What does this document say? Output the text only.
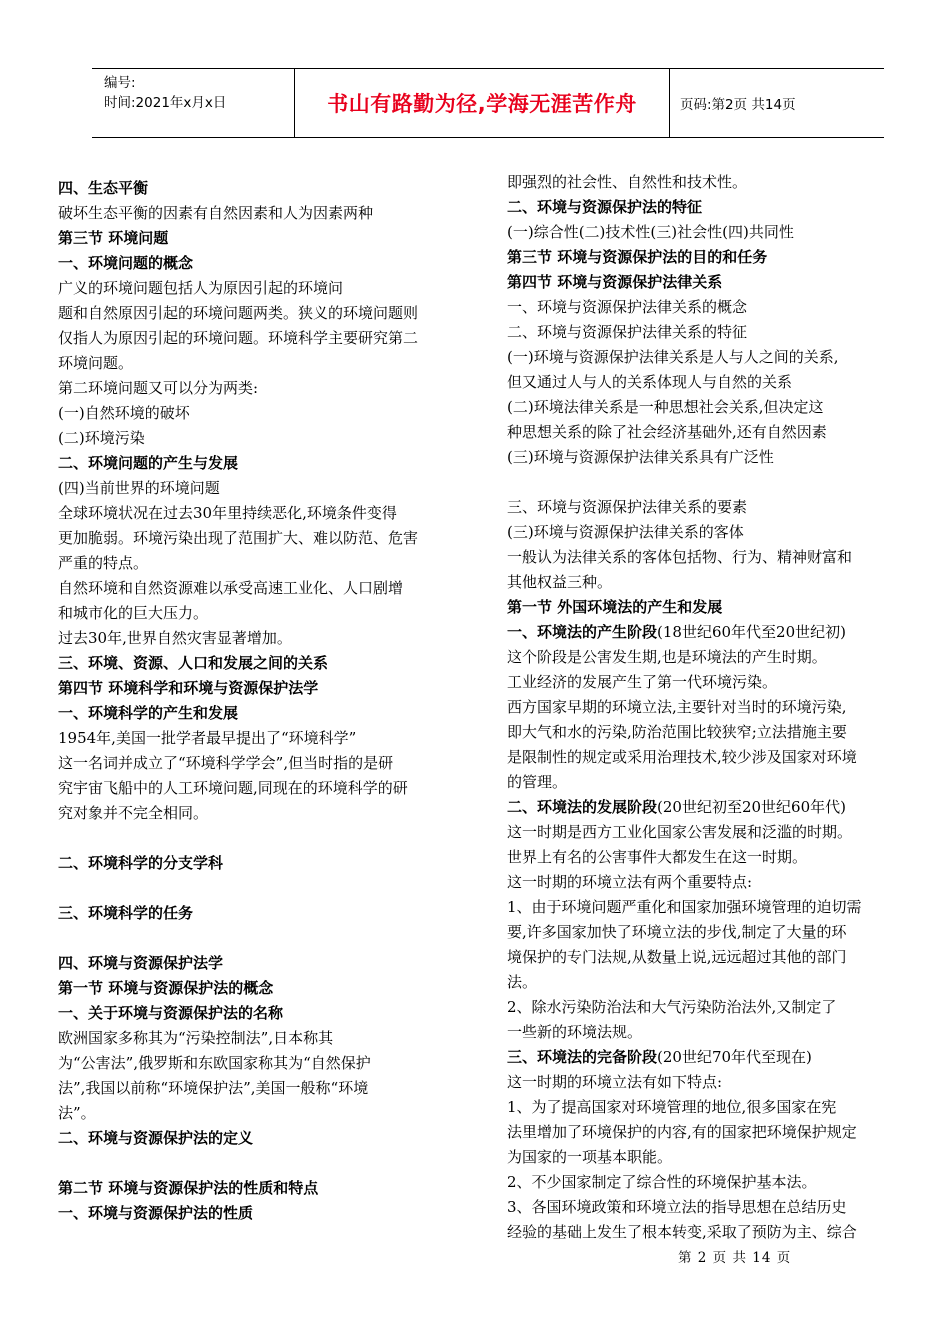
编号:
时间:2021年x月x日	书山有路勤为径,学海无涯苦作舟	页码:第2页 共14页
四、生态平衡
破坏生态平衡的因素有自然因素和人为因素两种
第三节 环境问题
一、环境问题的概念
广义的环境问题包括人为原因引起的环境问
题和自然原因引起的环境问题两类。狭义的环境问题则
仅指人为原因引起的环境问题。环境科学主要研究第二
环境问题。
第二环境问题又可以分为两类:
(一)自然环境的破坏
(二)环境污染
二、环境问题的产生与发展
(四)当前世界的环境问题
全球环境状况在过去30年里持续恶化,环境条件变得
更加脆弱。环境污染出现了范围扩大、难以防范、危害
严重的特点。
自然环境和自然资源难以承受高速工业化、人口剧增
和城市化的巨大压力。
过去30年,世界自然灾害显著增加。
三、环境、资源、人口和发展之间的关系
第四节 环境科学和环境与资源保护法学
一、环境科学的产生和发展
1954年,美国一批学者最早提出了“环境科学”
这一名词并成立了“环境科学学会”,但当时指的是研
究宇宙飞船中的人工环境问题,同现在的环境科学的研
究对象并不完全相同。
二、环境科学的分支学科
三、环境科学的任务
四、环境与资源保护法学
第一节 环境与资源保护法的概念
一、关于环境与资源保护法的名称
欧洲国家多称其为“污染控制法”,日本称其
为“公害法”,俄罗斯和东欧国家称其为“自然保护
法”,我国以前称“环境保护法”,美国一般称“环境
法”。
二、环境与资源保护法的定义
第二节 环境与资源保护法的性质和特点
一、环境与资源保护法的性质
即强烈的社会性、自然性和技术性。
二、环境与资源保护法的特征
(一)综合性(二)技术性(三)社会性(四)共同性
第三节 环境与资源保护法的目的和任务
第四节 环境与资源保护法律关系
一、环境与资源保护法律关系的概念
二、环境与资源保护法律关系的特征
(一)环境与资源保护法律关系是人与人之间的关系,
但又通过人与人的关系体现人与自然的关系
(二)环境法律关系是一种思想社会关系,但决定这
种思想关系的除了社会经济基础外,还有自然因素
(三)环境与资源保护法律关系具有广泛性
三、环境与资源保护法律关系的要素
(三)环境与资源保护法律关系的客体
一般认为法律关系的客体包括物、行为、精神财富和
其他权益三种。
第一节 外国环境法的产生和发展
一、环境法的产生阶段(18世纪60年代至20世纪初)
这个阶段是公害发生期,也是环境法的产生时期。
工业经济的发展产生了第一代环境污染。
西方国家早期的环境立法,主要针对当时的环境污染,
即大气和水的污染,防治范围比较狭窄;立法措施主要
是限制性的规定或采用治理技术,较少涉及国家对环境
的管理。
二、环境法的发展阶段(20世纪初至20世纪60年代)
这一时期是西方工业化国家公害发展和泛滥的时期。
世界上有名的公害事件大都发生在这一时期。
这一时期的环境立法有两个重要特点:
1、由于环境问题严重化和国家加强环境管理的迫切需
要,许多国家加快了环境立法的步伐,制定了大量的环
境保护的专门法规,从数量上说,远远超过其他的部门
法。
2、除水污染防治法和大气污染防治法外,又制定了
一些新的环境法规。
三、环境法的完备阶段(20世纪70年代至现在)
这一时期的环境立法有如下特点:
1、为了提高国家对环境管理的地位,很多国家在宪
法里增加了环境保护的内容,有的国家把环境保护规定
为国家的一项基本职能。
2、不少国家制定了综合性的环境保护基本法。
3、各国环境政策和环境立法的指导思想在总结历史
经验的基础上发生了根本转变,采取了预防为主、综合
第 2 页 共 14 页
